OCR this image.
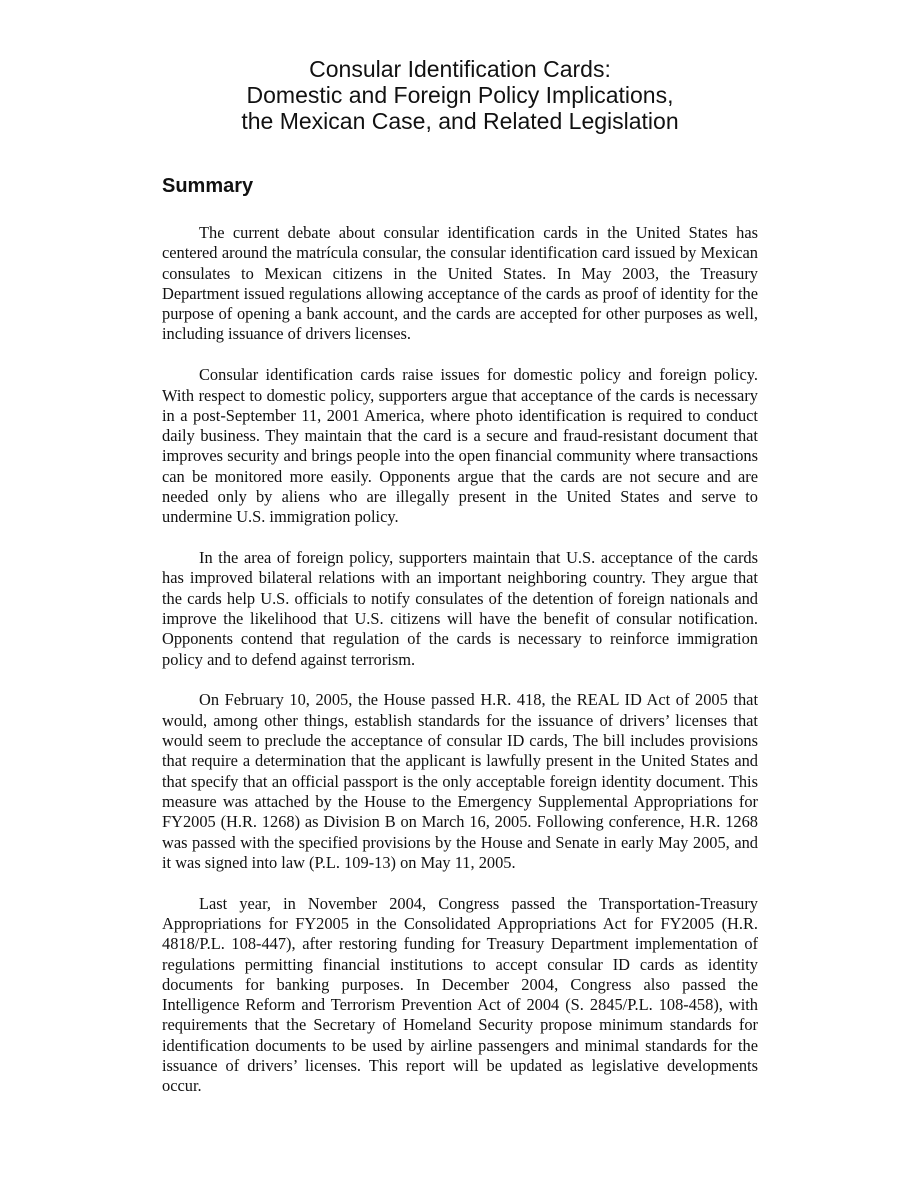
Consular Identification Cards:
Domestic and Foreign Policy Implications,
the Mexican Case, and Related Legislation
Summary

The current debate about consular identification cards in the United States has centered around the matrícula consular, the consular identification card issued by Mexican consulates to Mexican citizens in the United States. In May 2003, the Treasury Department issued regulations allowing acceptance of the cards as proof of identity for the purpose of opening a bank account, and the cards are accepted for other purposes as well, including issuance of drivers licenses.

Consular identification cards raise issues for domestic policy and foreign policy. With respect to domestic policy, supporters argue that acceptance of the cards is necessary in a post-September 11, 2001 America, where photo identification is required to conduct daily business. They maintain that the card is a secure and fraud-resistant document that improves security and brings people into the open financial community where transactions can be monitored more easily. Opponents argue that the cards are not secure and are needed only by aliens who are illegally present in the United States and serve to undermine U.S. immigration policy.

In the area of foreign policy, supporters maintain that U.S. acceptance of the cards has improved bilateral relations with an important neighboring country. They argue that the cards help U.S. officials to notify consulates of the detention of foreign nationals and improve the likelihood that U.S. citizens will have the benefit of consular notification. Opponents contend that regulation of the cards is necessary to reinforce immigration policy and to defend against terrorism.

On February 10, 2005, the House passed H.R. 418, the REAL ID Act of 2005 that would, among other things, establish standards for the issuance of drivers’ licenses that would seem to preclude the acceptance of consular ID cards, The bill includes provisions that require a determination that the applicant is lawfully present in the United States and that specify that an official passport is the only acceptable foreign identity document. This measure was attached by the House to the Emergency Supplemental Appropriations for FY2005 (H.R. 1268) as Division B on March 16, 2005. Following conference, H.R. 1268 was passed with the specified provisions by the House and Senate in early May 2005, and it was signed into law (P.L. 109-13) on May 11, 2005.

Last year, in November 2004, Congress passed the Transportation-Treasury Appropriations for FY2005 in the Consolidated Appropriations Act for FY2005 (H.R. 4818/P.L. 108-447), after restoring funding for Treasury Department implementation of regulations permitting financial institutions to accept consular ID cards as identity documents for banking purposes. In December 2004, Congress also passed the Intelligence Reform and Terrorism Prevention Act of 2004 (S. 2845/P.L. 108-458), with requirements that the Secretary of Homeland Security propose minimum standards for identification documents to be used by airline passengers and minimal standards for the issuance of drivers’ licenses. This report will be updated as legislative developments occur.
